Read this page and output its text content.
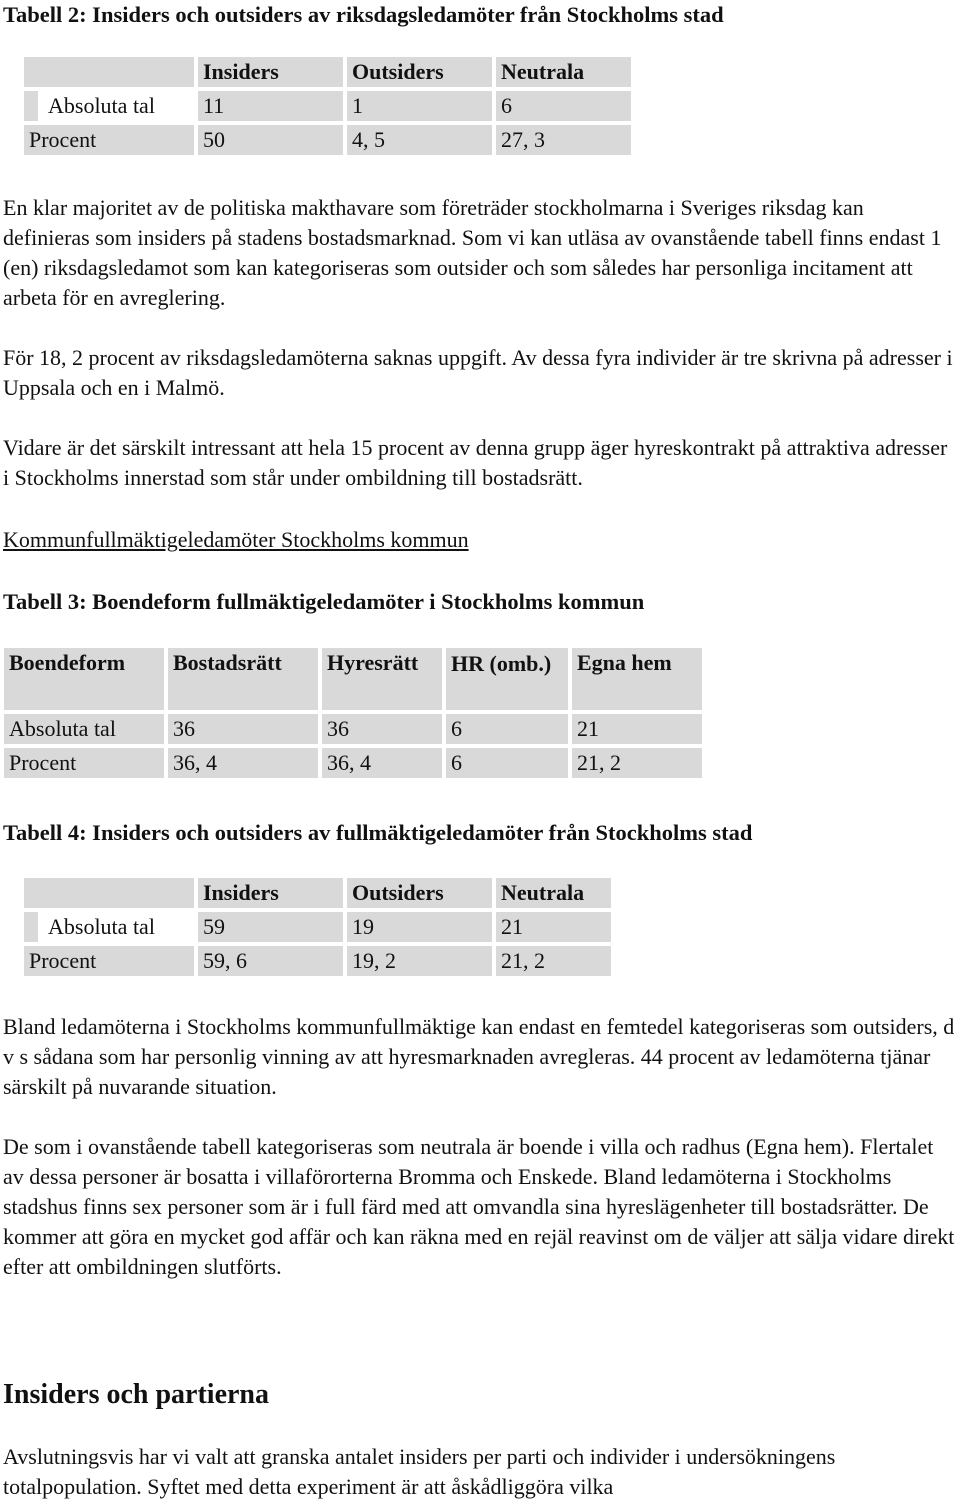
Tabell 2: Insiders och outsiders av riksdagsledamöter från Stockholms stad
	Insiders	Outsiders	Neutrala
Absoluta tal	11	1	6
Procent	50	4, 5	27, 3

En klar majoritet av de politiska makthavare som företräder stockholmarna i Sveriges riksdag kan definieras som insiders på stadens bostadsmarknad. Som vi kan utläsa av ovanstående tabell finns endast 1 (en) riksdagsledamot som kan kategoriseras som outsider och som således har personliga incitament att arbeta för en avreglering.

För 18, 2 procent av riksdagsledamöterna saknas uppgift. Av dessa fyra individer är tre skrivna på adresser i Uppsala och en i Malmö.

Vidare är det särskilt intressant att hela 15 procent av denna grupp äger hyreskontrakt på attraktiva adresser i Stockholms innerstad som står under ombildning till bostadsrätt.

Kommunfullmäktigeledamöter Stockholms kommun
Tabell 3: Boendeform fullmäktigeledamöter i Stockholms kommun
Boendeform	Bostadsrätt	Hyresrätt	HR (omb.)	Egna hem
Absoluta tal	36	36	6	21
Procent	36, 4	36, 4	6	21, 2
Tabell 4: Insiders och outsiders av fullmäktigeledamöter från Stockholms stad
	Insiders	Outsiders	Neutrala
Absoluta tal	59	19	21
Procent	59, 6	19, 2	21, 2

Bland ledamöterna i Stockholms kommunfullmäktige kan endast en femtedel kategoriseras som outsiders, d v s sådana som har personlig vinning av att hyresmarknaden avregleras. 44 procent av ledamöterna tjänar särskilt på nuvarande situation.

De som i ovanstående tabell kategoriseras som neutrala är boende i villa och radhus (Egna hem). Flertalet av dessa personer är bosatta i villaförorterna Bromma och Enskede. Bland ledamöterna i Stockholms stadshus finns sex personer som är i full färd med att omvandla sina hyreslägenheter till bostadsrätter. De kommer att göra en mycket god affär och kan räkna med en rejäl reavinst om de väljer att sälja vidare direkt efter att ombildningen slutförts.

Insiders och partierna

Avslutningsvis har vi valt att granska antalet insiders per parti och individer i undersökningens totalpopulation. Syftet med detta experiment är att åskådliggöra vilka
